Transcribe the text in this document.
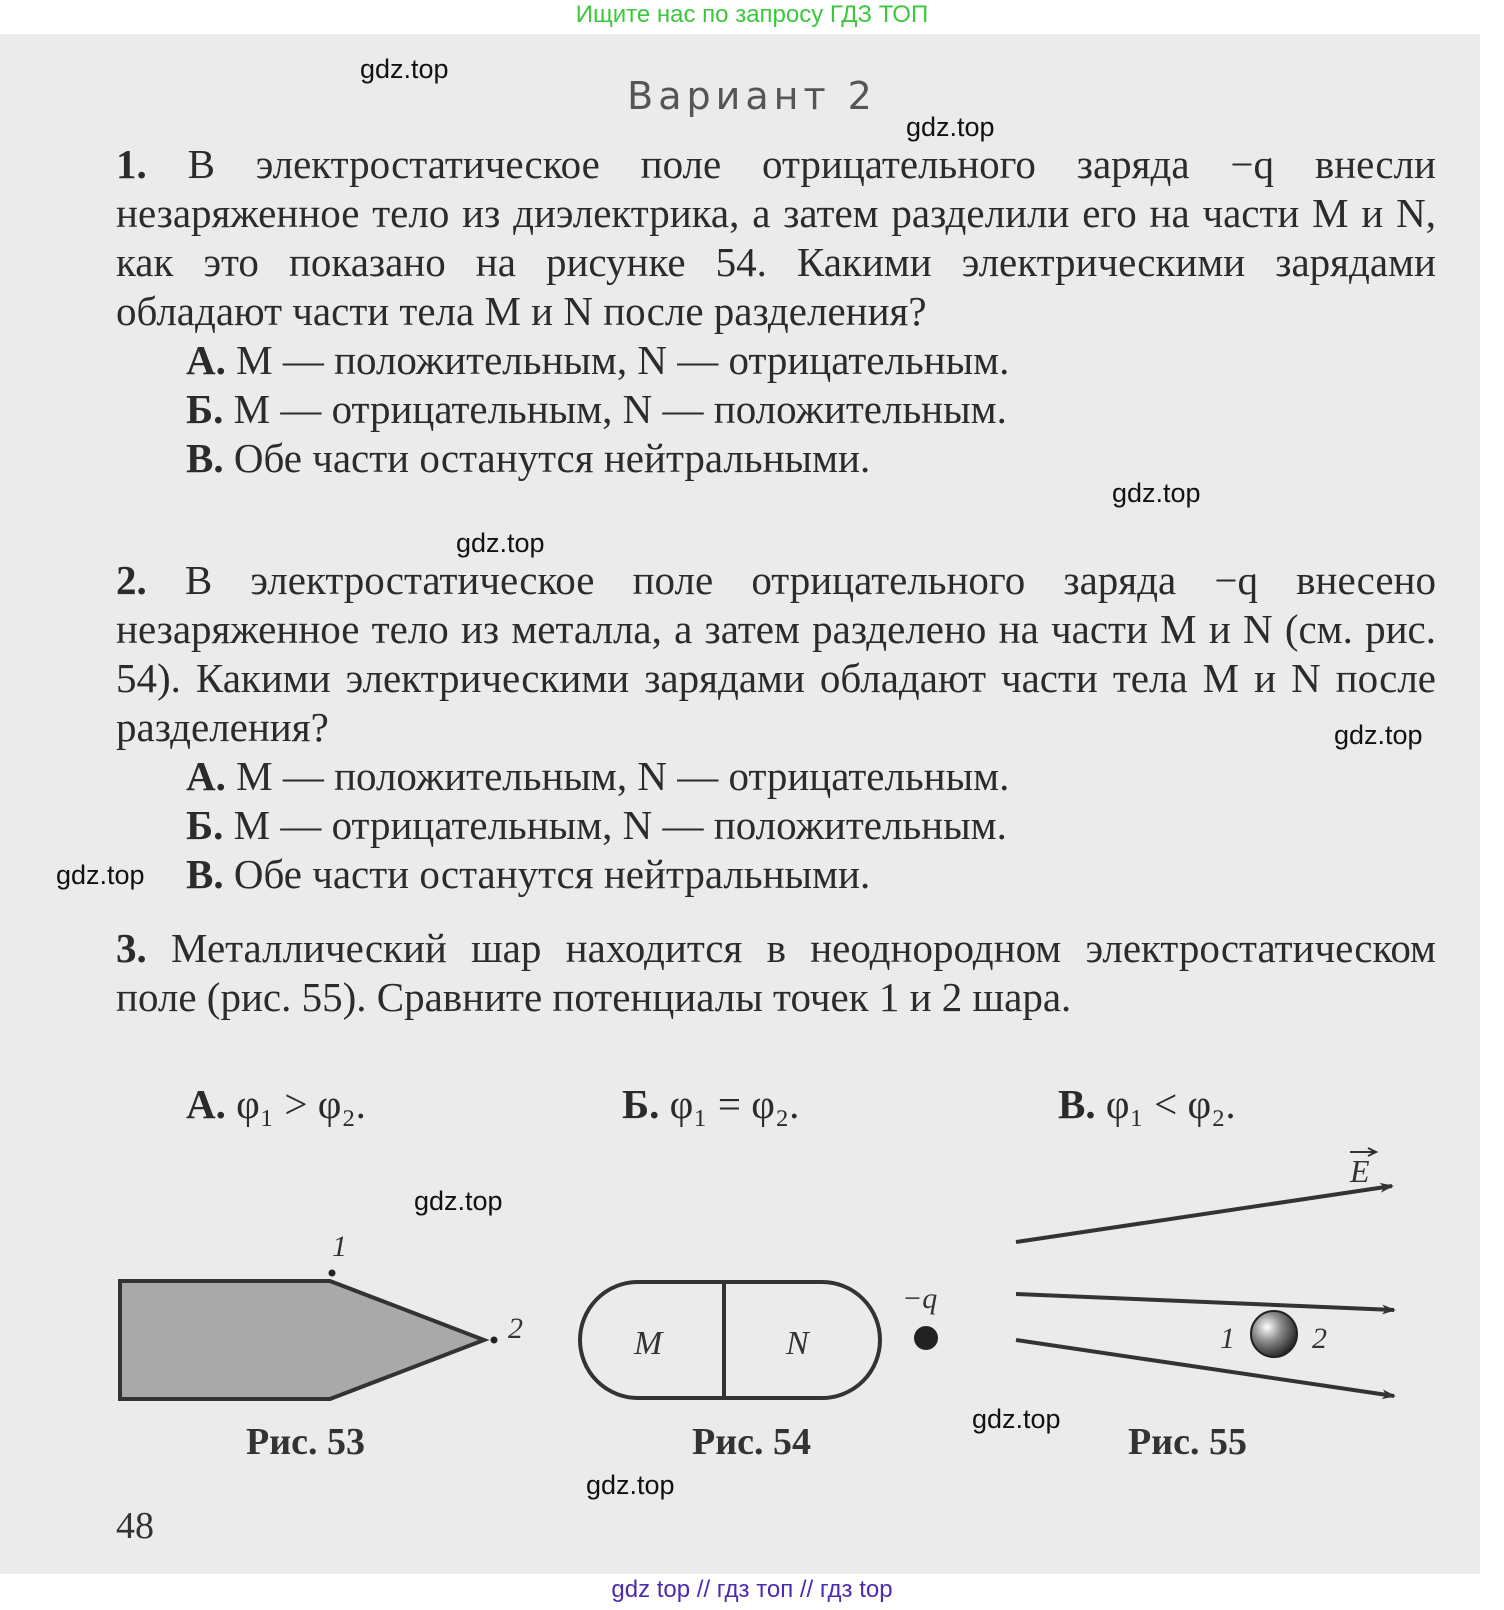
Ищите нас по запросу ГДЗ ТОП
Вариант 2
1. В электростатическое поле отрицательного заряда −q внесли незаряженное тело из диэлектрика, а затем разделили его на части M и N, как это показано на рисунке 54. Какими электрическими зарядами обладают части тела M и N после разделения?
А. M — положительным, N — отрицательным.
Б. M — отрицательным, N — положительным.
В. Обе части останутся нейтральными.
2. В электростатическое поле отрицательного заряда −q внесено незаряженное тело из металла, а затем разделено на части M и N (см. рис. 54). Какими электрическими зарядами обладают части тела M и N после разделения?
А. M — положительным, N — отрицательным.
Б. M — отрицательным, N — положительным.
В. Обе части останутся нейтральными.
3. Металлический шар находится в неоднородном электростатическом поле (рис. 55). Сравните потенциалы точек 1 и 2 шара.
А. φ₁ > φ₂.	Б. φ₁ = φ₂.	В. φ₁ < φ₂.
1
2	M	N
−q
E
1	2
Рис. 53	Рис. 54	Рис. 55
48
gdz.top
gdz.top
gdz.top
gdz.top
gdz.top
gdz.top
gdz.top
gdz.top
gdz.top
gdz top // гдз топ // гдз top
